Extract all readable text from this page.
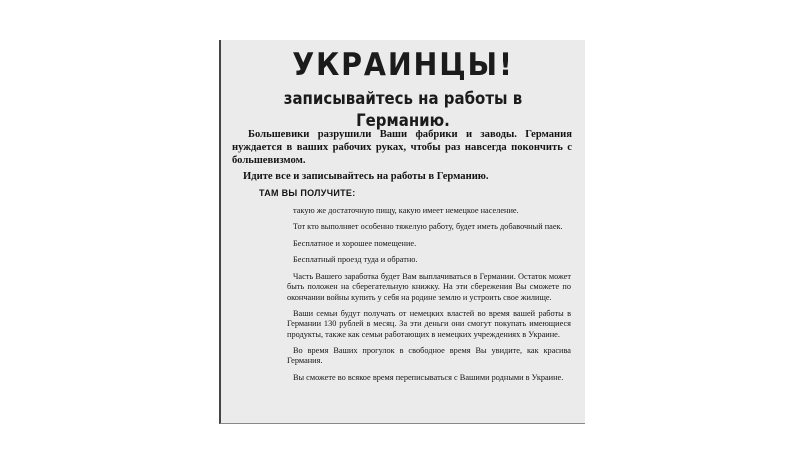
УКРАИНЦЫ!
записывайтесь на работы в Германию.

Большевики разрушили Ваши фабрики и заводы. Германия нуждается в ваших рабочих руках, чтобы раз навсегда покончить с большевизмом.

Идите все и записывайтесь на работы в Германию.

ТАМ ВЫ ПОЛУЧИТЕ:

такую же достаточную пищу, какую имеет немецкое население.
Тот кто выполняет особенно тяжелую работу, будет иметь добавочный паек.
Бесплатное и хорошее помещение.
Бесплатный проезд туда и обратно.
Часть Вашего заработка будет Вам выплачиваться в Германии. Остаток может быть положен на сберегательную книжку. На эти сбережения Вы сможете по окончании войны купить у себя на родине землю и устроить свое жилище.
Ваши семьи будут получать от немецких властей во время вашей работы в Германии 130 рублей в месяц. За эти деньги они смогут покупать имеющиеся продукты, также как семьи работающих в немецких учреждениях в Украине.
Во время Ваших прогулок в свободное время Вы увидите, как красива Германия.
Вы сможете во всякое время переписываться с Вашими родными в Украине.
